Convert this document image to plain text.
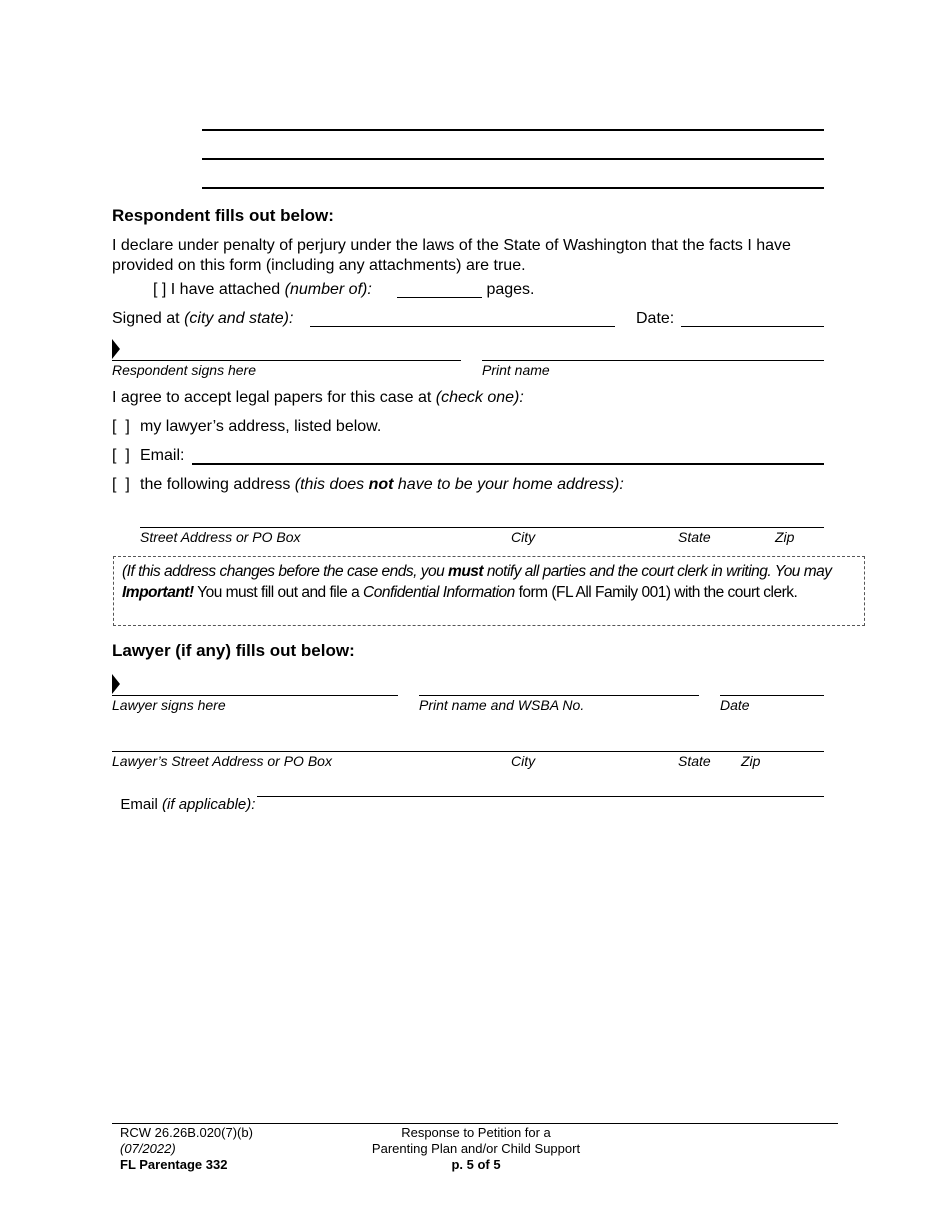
Respondent fills out below:
I declare under penalty of perjury under the laws of the State of Washington that the facts I have provided on this form (including any attachments) are true.
[ ] I have attached (number of):	pages.
Signed at (city and state):	Date:
Respondent signs here	Print name
I agree to accept legal papers for this case at (check one):
[  ] my lawyer’s address, listed below.
[  ] Email:
[  ] the following address (this does not have to be your home address):
Street Address or PO Box	City	State	Zip
(If this address changes before the case ends, you must notify all parties and the court clerk in writing. You may Important! You must fill out and file a Confidential Information form (FL All Family 001) with the court clerk.
Lawyer (if any) fills out below:
Lawyer signs here	Print name and WSBA No.	Date
Lawyer’s Street Address or PO Box	City	State Zip

Email (if applicable):

RCW 26.26B.020(7)(b)
(07/2022)
FL Parentage 332
Response to Petition for a
Parenting Plan and/or Child Support
p. 5 of 5
